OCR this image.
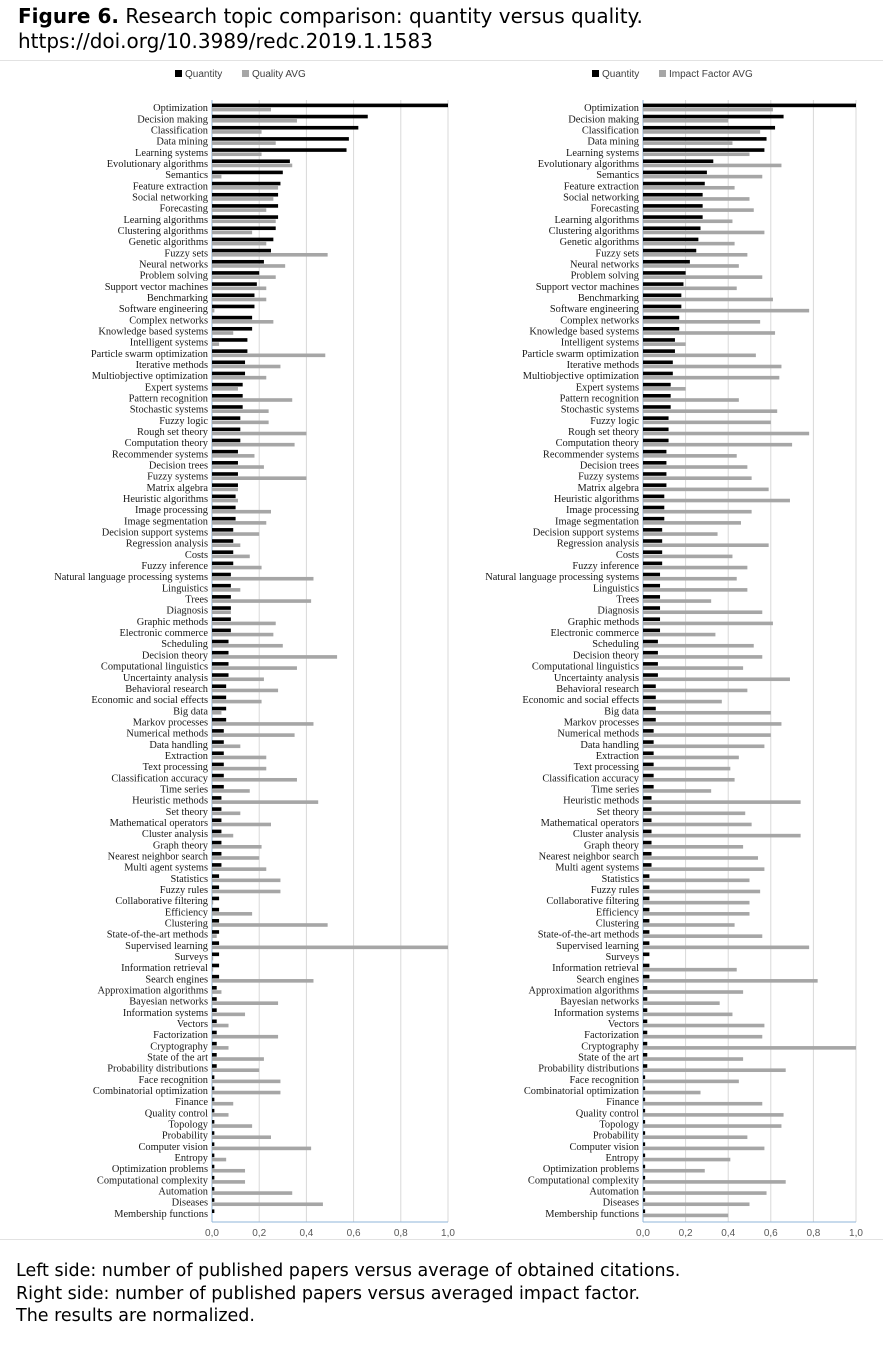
Figure 6. Research topic comparison: quantity versus quality.
https://doi.org/10.3989/redc.2019.1.1583
0,0	0,2	0,4	0,6	0,8	1,0
Quantity	Quality AVG
Optimization
Decision making
Classification
Data mining
Learning systems
Evolutionary algorithms
Semantics
Feature extraction
Social networking
Forecasting
Learning algorithms
Clustering algorithms
Genetic algorithms
Fuzzy sets
Neural networks
Problem solving
Support vector machines
Benchmarking
Software engineering
Complex networks
Knowledge based systems
Intelligent systems
Particle swarm optimization
Iterative methods
Multiobjective optimization
Expert systems
Pattern recognition
Stochastic systems
Fuzzy logic
Rough set theory
Computation theory
Recommender systems
Decision trees
Fuzzy systems
Matrix algebra
Heuristic algorithms
Image processing
Image segmentation
Decision support systems
Regression analysis
Costs
Fuzzy inference
Natural language processing systems
Linguistics
Trees
Diagnosis
Graphic methods
Electronic commerce
Scheduling
Decision theory
Computational linguistics
Uncertainty analysis
Behavioral research
Economic and social effects
Big data
Markov processes
Numerical methods
Data handling
Extraction
Text processing
Classification accuracy
Time series
Heuristic methods
Set theory
Mathematical operators
Cluster analysis
Graph theory
Nearest neighbor search
Multi agent systems
Statistics
Fuzzy rules
Collaborative filtering
Efficiency
Clustering
State-of-the-art methods
Supervised learning
Surveys
Information retrieval
Search engines
Approximation algorithms
Bayesian networks
Information systems
Vectors
Factorization
Cryptography
State of the art
Probability distributions
Face recognition
Combinatorial optimization
Finance
Quality control
Topology
Probability
Computer vision
Entropy
Optimization problems
Computational complexity
Automation
Diseases
Membership functions
0,0	0,2	0,4	0,6	0,8	1,0
Quantity	Impact Factor AVG
Optimization
Decision making
Classification
Data mining
Learning systems
Evolutionary algorithms
Semantics
Feature extraction
Social networking
Forecasting
Learning algorithms
Clustering algorithms
Genetic algorithms
Fuzzy sets
Neural networks
Problem solving
Support vector machines
Benchmarking
Software engineering
Complex networks
Knowledge based systems
Intelligent systems
Particle swarm optimization
Iterative methods
Multiobjective optimization
Expert systems
Pattern recognition
Stochastic systems
Fuzzy logic
Rough set theory
Computation theory
Recommender systems
Decision trees
Fuzzy systems
Matrix algebra
Heuristic algorithms
Image processing
Image segmentation
Decision support systems
Regression analysis
Costs
Fuzzy inference
Natural language processing systems
Linguistics
Trees
Diagnosis
Graphic methods
Electronic commerce
Scheduling
Decision theory
Computational linguistics
Uncertainty analysis
Behavioral research
Economic and social effects
Big data
Markov processes
Numerical methods
Data handling
Extraction
Text processing
Classification accuracy
Time series
Heuristic methods
Set theory
Mathematical operators
Cluster analysis
Graph theory
Nearest neighbor search
Multi agent systems
Statistics
Fuzzy rules
Collaborative filtering
Efficiency
Clustering
State-of-the-art methods
Supervised learning
Surveys
Information retrieval
Search engines
Approximation algorithms
Bayesian networks
Information systems
Vectors
Factorization
Cryptography
State of the art
Probability distributions
Face recognition
Combinatorial optimization
Finance
Quality control
Topology
Probability
Computer vision
Entropy
Optimization problems
Computational complexity
Automation
Diseases
Membership functions
Left side: number of published papers versus average of obtained citations.
Right side: number of published papers versus averaged impact factor.
The results are normalized.
